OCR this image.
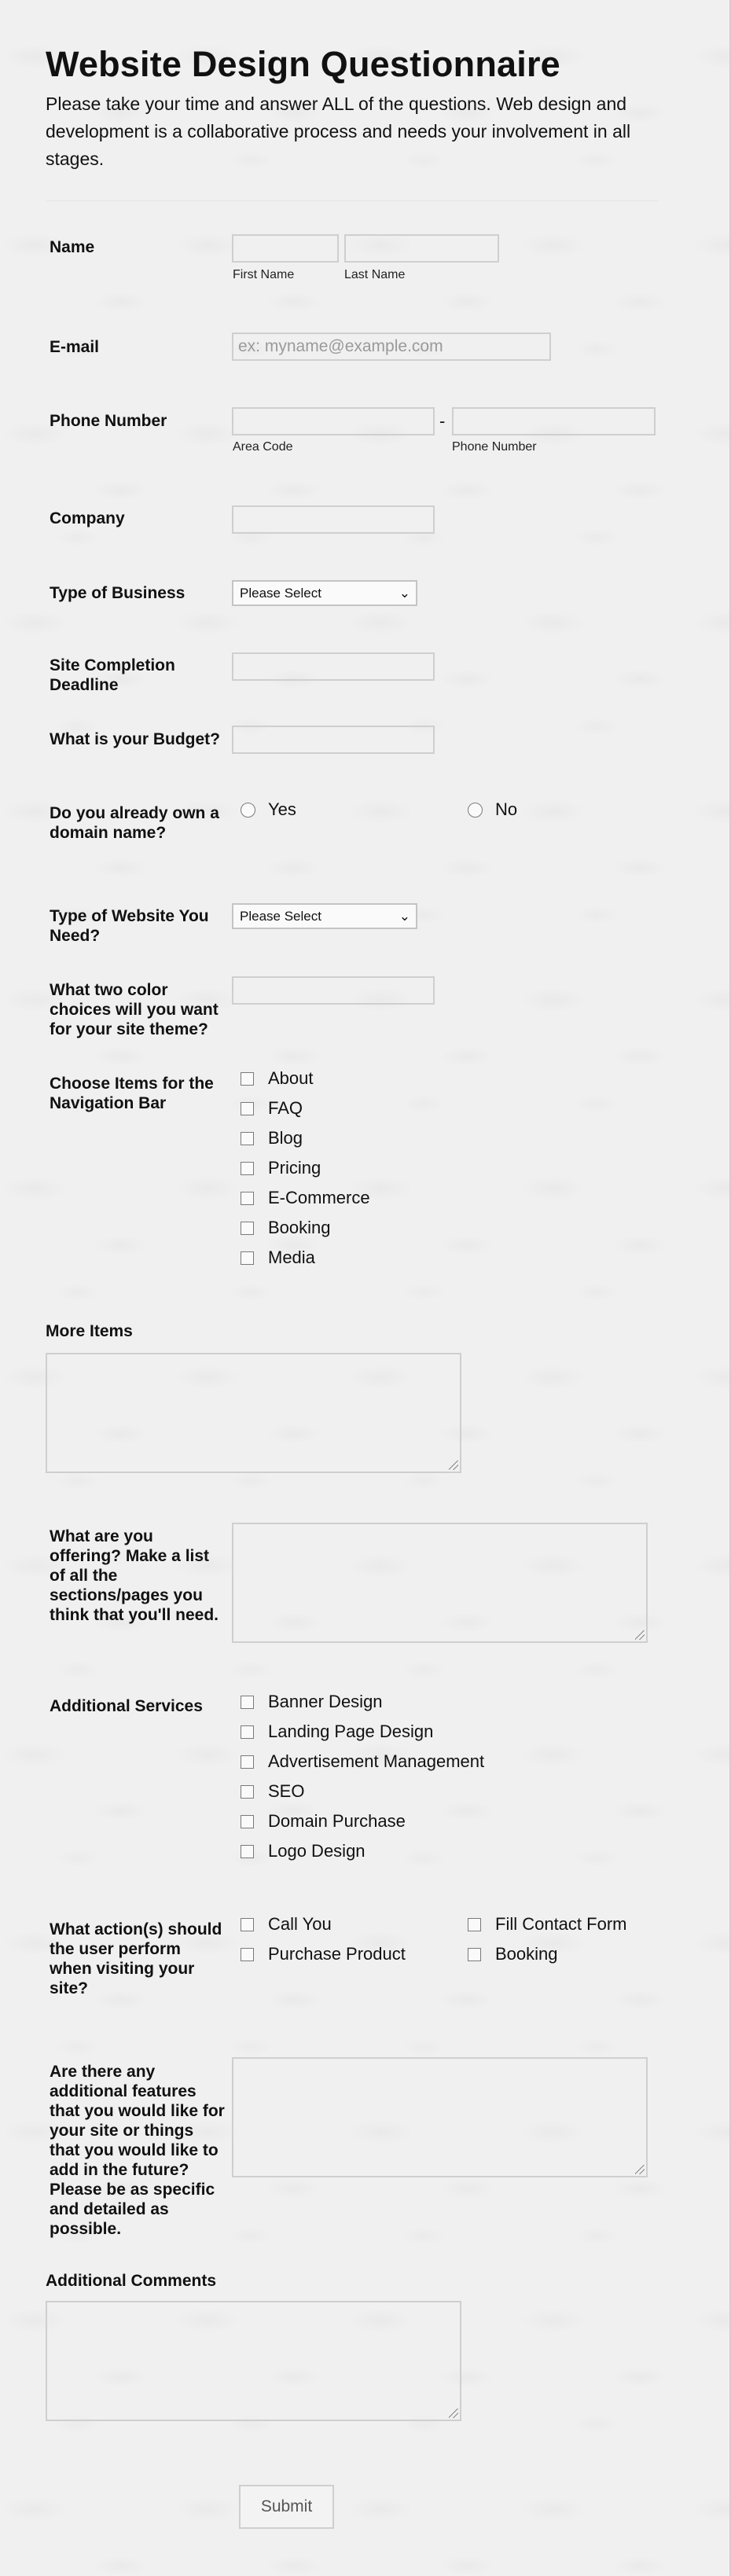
Website Design Questionnaire

Please take your time and answer ALL of the questions. Web design and development is a collaborative process and needs your involvement in all stages.

Name
First Name	Last Name
E-mail
ex: myname@example.com
Phone Number	-
Area Code	Phone Number
Company
Type of Business	Please Select	⌄
Site Completion Deadline
What is your Budget?
Do you already own a domain name?
Yes	No
Type of Website You Need?
Please Select	⌄
What two color choices will you want for your site theme?
Choose Items for the Navigation Bar
About
FAQ
Blog
Pricing
E-Commerce
Booking
Media
More Items
What are you offering? Make a list of all the sections/pages you think that you'll need.
Additional Services	Banner Design
Landing Page Design
Advertisement Management
SEO
Domain Purchase
Logo Design
What action(s) should the user perform when visiting your site?
Call You	Fill Contact Form
Purchase Product	Booking
Are there any additional features that you would like for your site or things that you would like to add in the future? Please be as specific and detailed as possible.
Additional Comments
Submit
